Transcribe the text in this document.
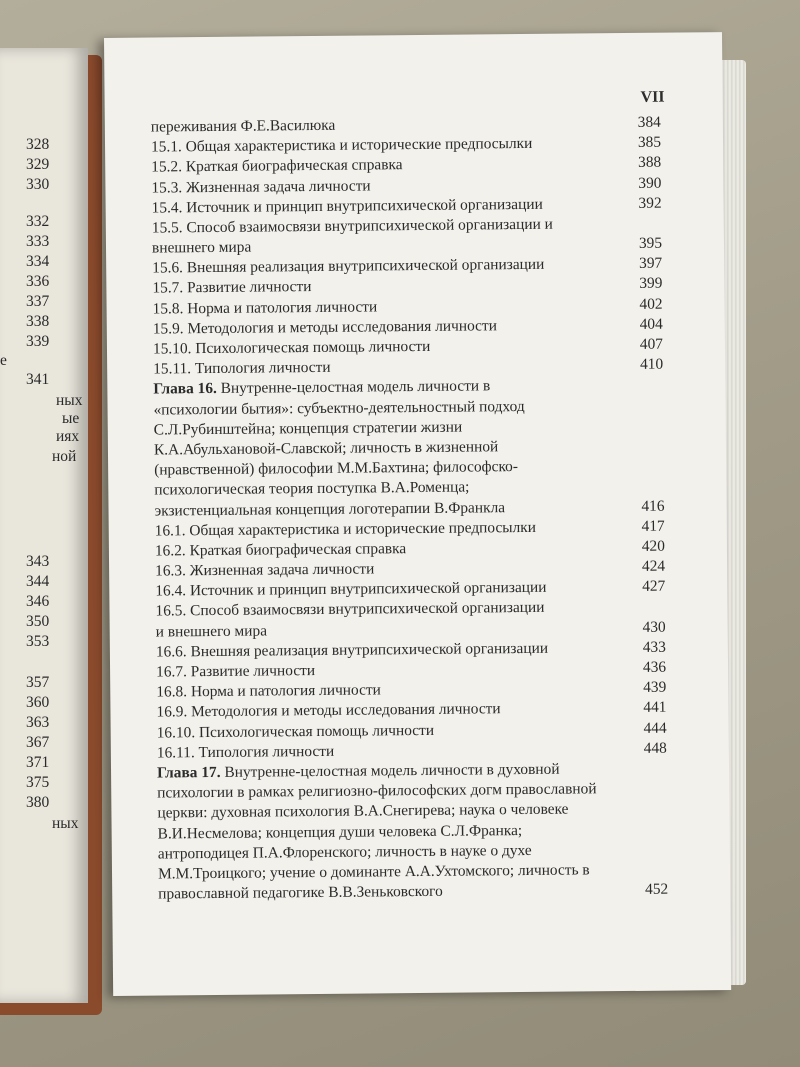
328
329
330
332
333
334
336
337
338
339
341
343
344
346
350
353
357
360
363
367
371
375
380
е
ных
ые
иях
ной
ных
VII
переживания Ф.Е.Василюка	384
15.1. Общая характеристика и исторические предпосылки	385
15.2. Краткая биографическая справка	388
15.3. Жизненная задача личности	390
15.4. Источник и принцип внутрипсихической организации	392
15.5. Способ взаимосвязи внутрипсихической организации и
внешнего мира	395
15.6. Внешняя реализация внутрипсихической организации	397
15.7. Развитие личности	399
15.8. Норма и патология личности	402
15.9. Методология и методы исследования личности	404
15.10. Психологическая помощь личности	407
15.11. Типология личности	410
Глава 16. Внутренне-целостная модель личности в
«психологии бытия»: субъектно-деятельностный подход
С.Л.Рубинштейна; концепция стратегии жизни
К.А.Абульхановой-Славской; личность в жизненной
(нравственной) философии М.М.Бахтина; философско-
психологическая теория поступка В.А.Роменца;
экзистенциальная концепция логотерапии В.Франкла	416
16.1. Общая характеристика и исторические предпосылки	417
16.2. Краткая биографическая справка	420
16.3. Жизненная задача личности	424
16.4. Источник и принцип внутрипсихической организации	427
16.5. Способ взаимосвязи внутрипсихической организации
и внешнего мира	430
16.6. Внешняя реализация внутрипсихической организации	433
16.7. Развитие личности	436
16.8. Норма и патология личности	439
16.9. Методология и методы исследования личности	441
16.10. Психологическая помощь личности	444
16.11. Типология личности	448
Глава 17. Внутренне-целостная модель личности в духовной
психологии в рамках религиозно-философских догм православной
церкви: духовная психология В.А.Снегирева; наука о человеке
В.И.Несмелова; концепция души человека С.Л.Франка;
антроподицея П.А.Флоренского; личность в науке о духе
М.М.Троицкого; учение о доминанте А.А.Ухтомского; личность в
православной педагогике В.В.Зеньковского	452
